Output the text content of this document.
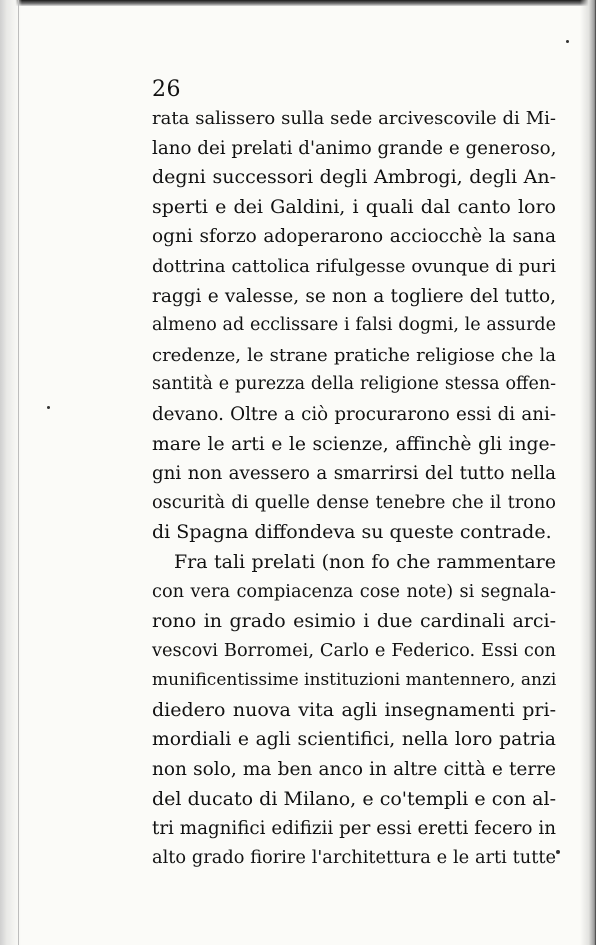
26
rata salissero sulla sede arcivescovile di Mi-
lano dei prelati d'animo grande e generoso,
degni successori degli Ambrogi, degli An-
sperti e dei Galdini, i quali dal canto loro
ogni sforzo adoperarono acciocchè la sana
dottrina cattolica rifulgesse ovunque di puri
raggi e valesse, se non a togliere del tutto,
almeno ad ecclissare i falsi dogmi, le assurde
credenze, le strane pratiche religiose che la
santità e purezza della religione stessa offen-
devano. Oltre a ciò procurarono essi di ani-
mare le arti e le scienze, affinchè gli inge-
gni non avessero a smarrirsi del tutto nella
oscurità di quelle dense tenebre che il trono
di Spagna diffondeva su queste contrade.
Fra tali prelati (non fo che rammentare
con vera compiacenza cose note) si segnala-
rono in grado esimio i due cardinali arci-
vescovi Borromei, Carlo e Federico. Essi con
munificentissime instituzioni mantennero, anzi
diedero nuova vita agli insegnamenti pri-
mordiali e agli scientifici, nella loro patria
non solo, ma ben anco in altre città e terre
del ducato di Milano, e co'templi e con al-
tri magnifici edifizii per essi eretti fecero in
alto grado fiorire l'architettura e le arti tutte
